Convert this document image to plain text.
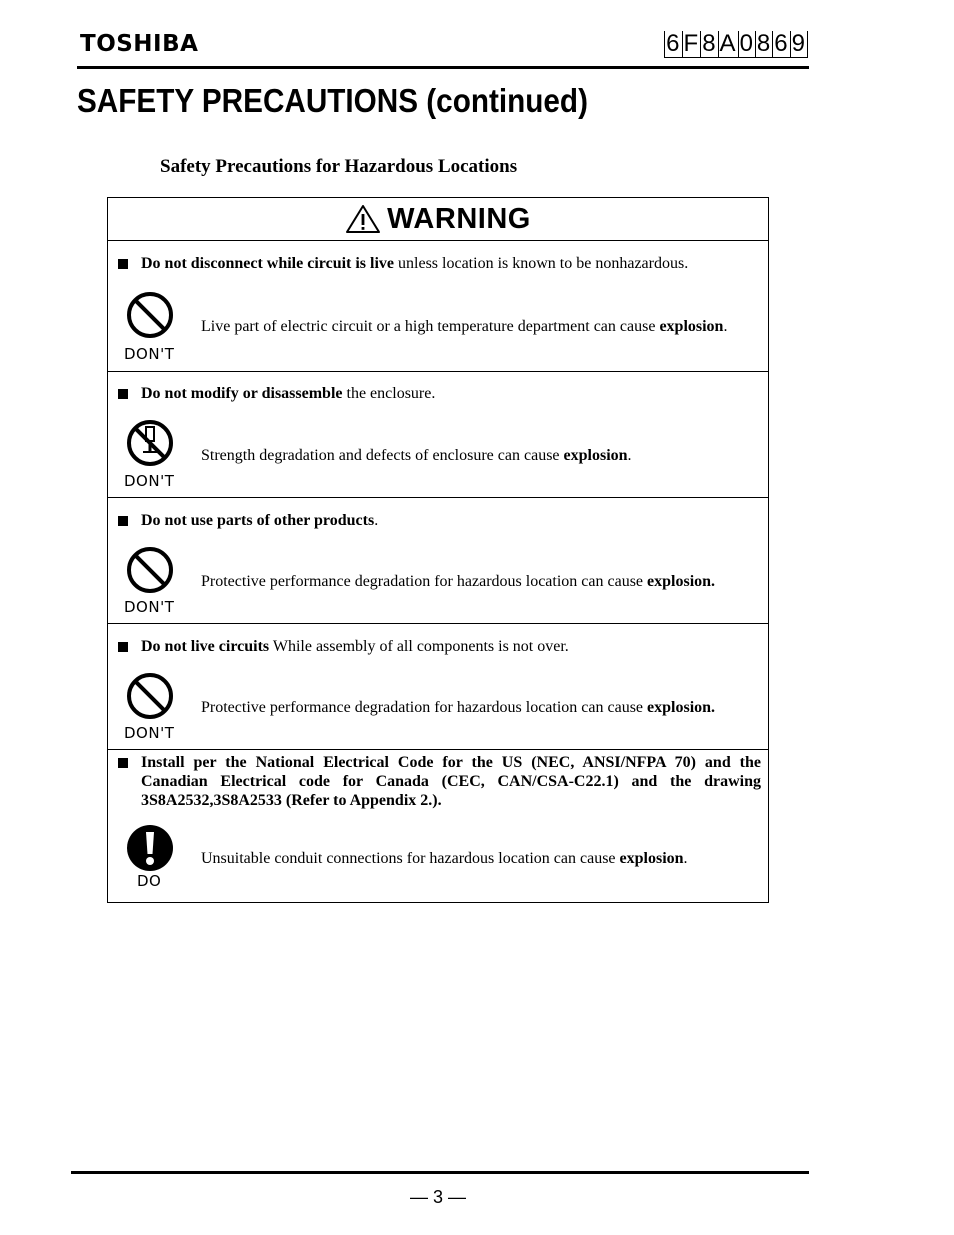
TOSHIBA	6 F 8 A 0 8 6 9
SAFETY PRECAUTIONS (continued)
Safety Precautions for Hazardous Locations
WARNING
Do not disconnect while circuit is live unless location is known to be nonhazardous.
DON'T
Live part of electric circuit or a high temperature department can cause explosion.
Do not modify or disassemble the enclosure.
DON'T
Strength degradation and defects of enclosure can cause explosion.
Do not use parts of other products.
DON'T
Protective performance degradation for hazardous location can cause explosion.
Do not live circuits While assembly of all components is not over.
DON'T
Protective performance degradation for hazardous location can cause explosion.
Install per the National Electrical Code for the US (NEC, ANSI/NFPA 70) and the Canadian Electrical code for Canada (CEC, CAN/CSA-C22.1) and the drawing 3S8A2532,3S8A2533 (Refer to Appendix 2.).
DO
Unsuitable conduit connections for hazardous location can cause explosion.
— 3 —
